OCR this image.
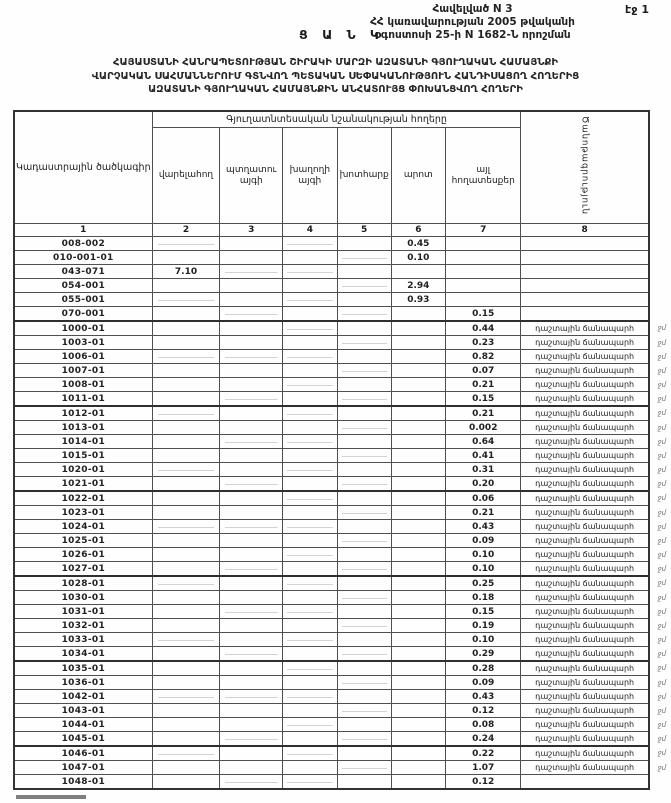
Հավելված N 3
ՀՀ կառավարության 2005 թվականի
օգոստոսի 25-ի N 1682-Ն որոշման
էջ 1
Ց Ա Ն Կ
ՀԱՅԱՍՏԱՆԻ ՀԱՆՐԱՊԵՏՈՒԹՅԱՆ ՇԻՐԱԿԻ ՄԱՐԶԻ ԱԶԱՏԱՆԻ ԳՅՈՒՂԱԿԱՆ ՀԱՄԱՅՆՔԻ
ՎԱՐՉԱԿԱՆ ՍԱՀՄԱՆՆԵՐՈՒՄ ԳՏՆՎՈՂ ՊԵՏԱԿԱՆ ՍԵՓԱԿԱՆՈՒԹՅՈՒՆ ՀԱՆԴԻՍԱՑՈՂ ՀՈՂԵՐԻՑ
ԱԶԱՏԱՆԻ ԳՅՈՒՂԱԿԱՆ ՀԱՄԱՅՆՔԻՆ ԱՆՀԱՏՈՒՅՑ ՓՈԽԱՆՑՎՈՂ ՀՈՂԵՐԻ
Կադաստրային ծածկագիր	Գյուղատնտեսական նշանակության հողերը						Ծանոթագրություն	
	վարելահող	պտղատու այգի	խաղողի այգի	խոտհարք	արոտ	այլ հողատեսքեր		
1	2	3	4	5	6	7	8	
008-002					0.45			
010-001-01					0.10			
043-071	7.10							
054-001					2.94			
055-001					0.93			
070-001						0.15		
1000-01						0.44	դաշտային ճանապարհ	ջմ
1003-01						0.23	դաշտային ճանապարհ	ջմ
1006-01						0.82	դաշտային ճանապարհ	ջմ
1007-01						0.07	դաշտային ճանապարհ	ջմ
1008-01						0.21	դաշտային ճանապարհ	ջմ
1011-01						0.15	դաշտային ճանապարհ	ջմ
1012-01						0.21	դաշտային ճանապարհ	ջմ
1013-01						0.002	դաշտային ճանապարհ	ջմ
1014-01						0.64	դաշտային ճանապարհ	ջմ
1015-01						0.41	դաշտային ճանապարհ	ջմ
1020-01						0.31	դաշտային ճանապարհ	ջմ
1021-01						0.20	դաշտային ճանապարհ	ջմ
1022-01						0.06	դաշտային ճանապարհ	ջմ
1023-01						0.21	դաշտային ճանապարհ	ջմ
1024-01						0.43	դաշտային ճանապարհ	ջմ
1025-01						0.09	դաշտային ճանապարհ	ջմ
1026-01						0.10	դաշտային ճանապարհ	ջմ
1027-01						0.10	դաշտային ճանապարհ	ջմ
1028-01						0.25	դաշտային ճանապարհ	ջմ
1030-01						0.18	դաշտային ճանապարհ	ջմ
1031-01						0.15	դաշտային ճանապարհ	ջմ
1032-01						0.19	դաշտային ճանապարհ	ջմ
1033-01						0.10	դաշտային ճանապարհ	ջմ
1034-01						0.29	դաշտային ճանապարհ	ջմ
1035-01						0.28	դաշտային ճանապարհ	ջմ
1036-01						0.09	դաշտային ճանապարհ	ջմ
1042-01						0.43	դաշտային ճանապարհ	ջմ
1043-01						0.12	դաշտային ճանապարհ	ջմ
1044-01						0.08	դաշտային ճանապարհ	ջմ
1045-01						0.24	դաշտային ճանապարհ	ջմ
1046-01						0.22	դաշտային ճանապարհ	ջմ
1047-01						1.07	դաշտային ճանապարհ	ջմ
1048-01						0.12		
